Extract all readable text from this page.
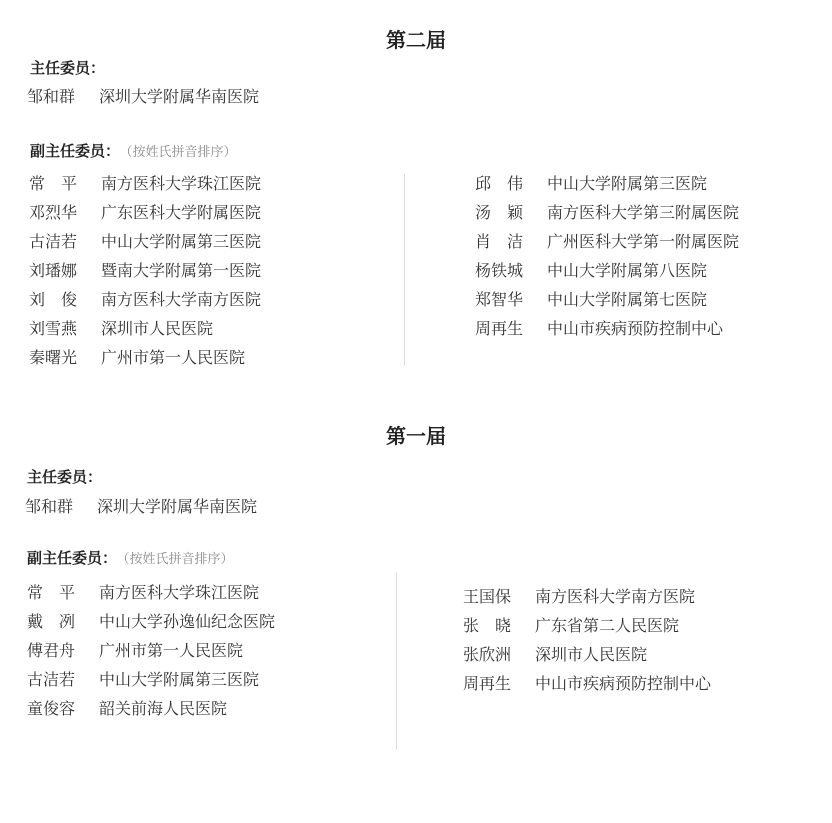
第二届
主任委员：
邹和群 深圳大学附属华南医院
副主任委员： （按姓氏拼音排序）
常　平 南方医科大学珠江医院
邓烈华 广东医科大学附属医院
古洁若 中山大学附属第三医院
刘璠娜 暨南大学附属第一医院
刘　俊 南方医科大学南方医院
刘雪燕 深圳市人民医院
秦曙光 广州市第一人民医院
邱　伟 中山大学附属第三医院
汤　颖 南方医科大学第三附属医院
肖　洁 广州医科大学第一附属医院
杨铁城 中山大学附属第八医院
郑智华 中山大学附属第七医院
周再生 中山市疾病预防控制中心
第一届
主任委员：
邹和群 深圳大学附属华南医院
副主任委员： （按姓氏拼音排序）
常　平 南方医科大学珠江医院
戴　冽 中山大学孙逸仙纪念医院
傅君舟 广州市第一人民医院
古洁若 中山大学附属第三医院
童俊容 韶关前海人民医院
王国保 南方医科大学南方医院
张　晓 广东省第二人民医院
张欣洲 深圳市人民医院
周再生 中山市疾病预防控制中心
